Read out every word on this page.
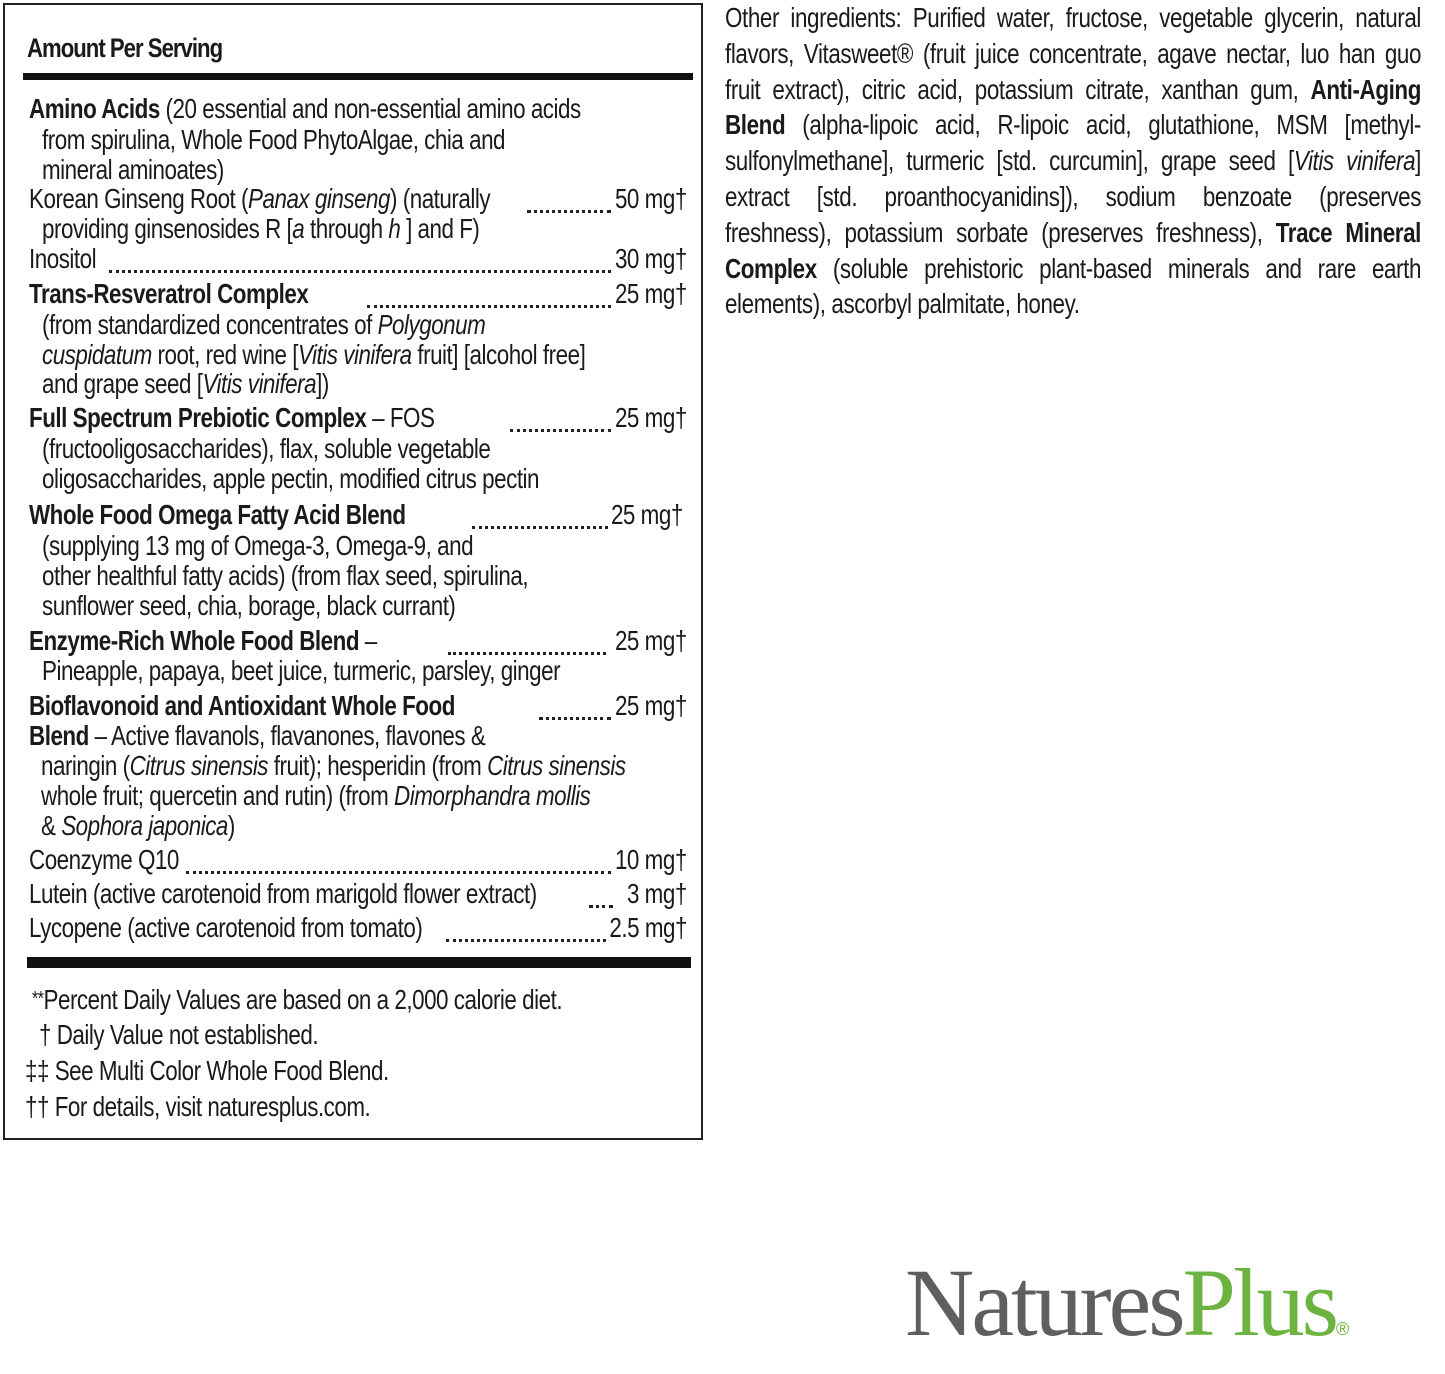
Amount Per Serving
Amino Acids (20 essential and non-essential amino acids
from spirulina, Whole Food PhytoAlgae, chia and
mineral aminoates)
Korean Ginseng Root (Panax ginseng) (naturally	50 mg†
providing ginsenosides R [a through h ] and F)
Inositol	30 mg†
Trans-Resveratrol Complex	25 mg†
(from standardized concentrates of Polygonum
cuspidatum root, red wine [Vitis vinifera fruit] [alcohol free]
and grape seed [Vitis vinifera])
Full Spectrum Prebiotic Complex – FOS	25 mg†
(fructooligosaccharides), flax, soluble vegetable
oligosaccharides, apple pectin, modified citrus pectin
Whole Food Omega Fatty Acid Blend	25 mg†
(supplying 13 mg of Omega-3, Omega-9, and
other healthful fatty acids) (from flax seed, spirulina,
sunflower seed, chia, borage, black currant)
Enzyme-Rich Whole Food Blend –	25 mg†
Pineapple, papaya, beet juice, turmeric, parsley, ginger
Bioflavonoid and Antioxidant Whole Food	25 mg†
Blend – Active flavanols, flavanones, flavones &
naringin (Citrus sinensis fruit); hesperidin (from Citrus sinensis
whole fruit; quercetin and rutin) (from Dimorphandra mollis
& Sophora japonica)
Coenzyme Q10	10 mg†
Lutein (active carotenoid from marigold flower extract)	3 mg†
Lycopene (active carotenoid from tomato)	2.5 mg†
**Percent Daily Values are based on a 2,000 calorie diet.
† Daily Value not established.
‡‡ See Multi Color Whole Food Blend.
†† For details, visit naturesplus.com.
Other ingredients: Purified water, fructose, vegetable glycerin, natural flavors, Vitasweet® (fruit juice concentrate, agave nectar, luo han guo fruit extract), citric acid, potassium citrate, xanthan gum, Anti-Aging Blend (alpha-lipoic acid, R-lipoic acid, glutathione, MSM [methyl-sulfonylmethane], turmeric [std. curcumin], grape seed [Vitis vinifera] extract [std. proanthocyanidins]), sodium benzoate (preserves freshness), potassium sorbate (preserves freshness), Trace Mineral Complex (soluble prehistoric plant-based minerals and rare earth elements), ascorbyl palmitate, honey.
NaturesPlus®
